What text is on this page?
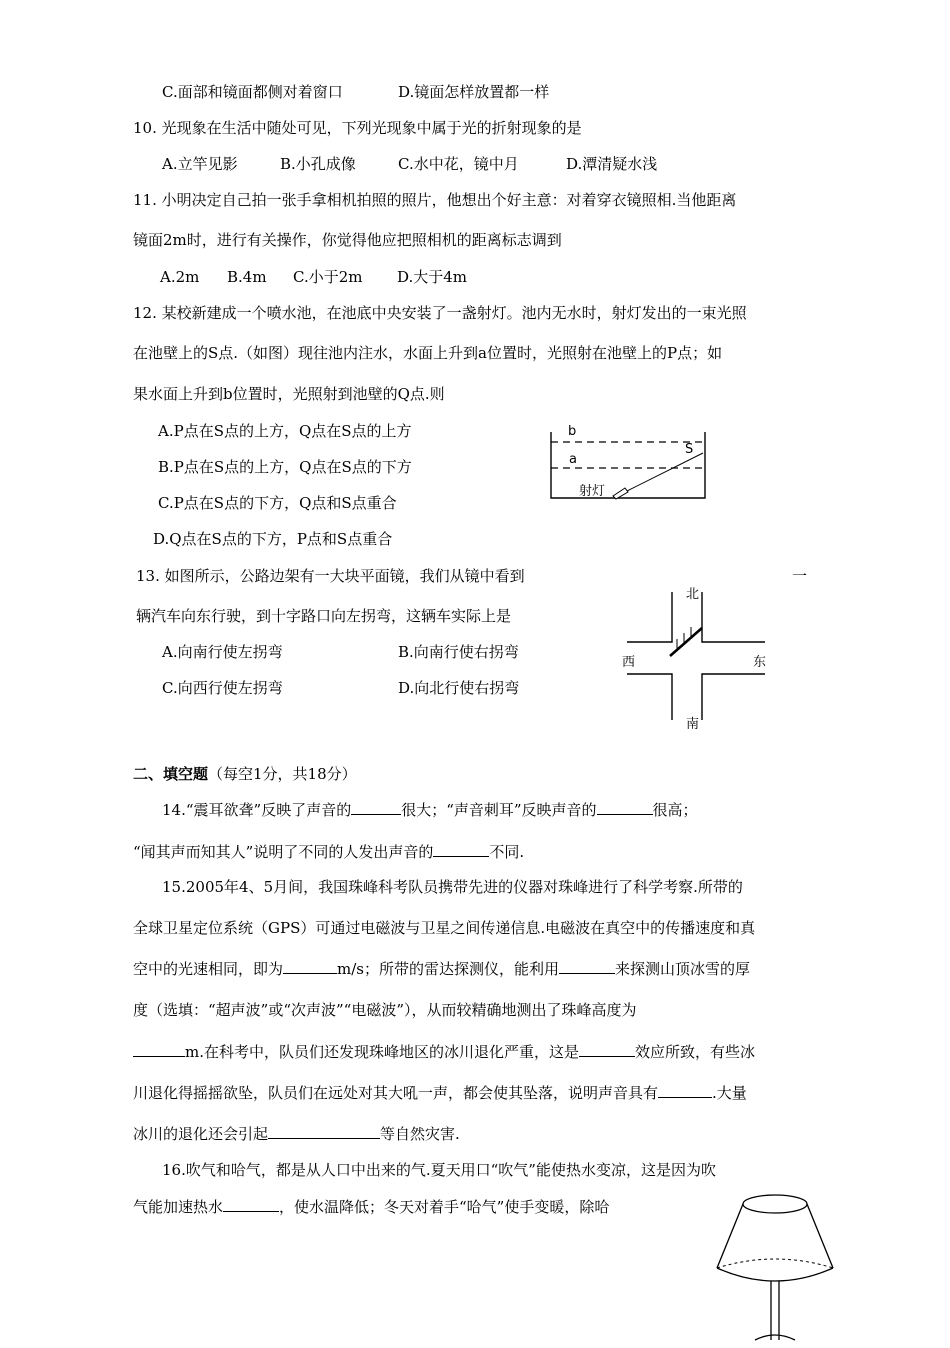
C.面部和镜面都侧对着窗口	D.镜面怎样放置都一样
10. 光现象在生活中随处可见，下列光现象中属于光的折射现象的是
A.立竿见影	B.小孔成像	C.水中花，镜中月	D.潭清疑水浅
11. 小明决定自己拍一张手拿相机拍照的照片，他想出个好主意：对着穿衣镜照相.当他距离
镜面2m时，进行有关操作，你觉得他应把照相机的距离标志调到
A.2m B.4m C.小于2m D.大于4m
12. 某校新建成一个喷水池，在池底中央安装了一盏射灯。池内无水时，射灯发出的一束光照
在池壁上的S点.（如图）现往池内注水，水面上升到a位置时，光照射在池壁上的P点；如
果水面上升到b位置时，光照射到池壁的Q点.则
A.P点在S点的上方，Q点在S点的上方
B.P点在S点的上方，Q点在S点的下方
C.P点在S点的下方，Q点和S点重合
D.Q点在S点的下方，P点和S点重合
b
a
S
射灯
13. 如图所示，公路边架有一大块平面镜，我们从镜中看到	一
辆汽车向东行驶，到十字路口向左拐弯，这辆车实际上是
A.向南行使左拐弯	B.向南行使右拐弯
C.向西行使左拐弯	D.向北行使右拐弯
北
南
西	东
二、填空题（每空1分，共18分）
14.“震耳欲聋”反映了声音的	很大；“声音刺耳”反映声音的	很高；
“闻其声而知其人”说明了不同的人发出声音的	不同.
15.2005年4、5月间，我国珠峰科考队员携带先进的仪器对珠峰进行了科学考察.所带的
全球卫星定位系统（GPS）可通过电磁波与卫星之间传递信息.电磁波在真空中的传播速度和真
空中的光速相同，即为	m/s；所带的雷达探测仪，能利用	来探测山顶冰雪的厚
度（选填：“超声波”或“次声波”“电磁波”），从而较精确地测出了珠峰高度为
m.在科考中，队员们还发现珠峰地区的冰川退化严重，这是	效应所致，有些冰
川退化得摇摇欲坠，队员们在远处对其大吼一声，都会使其坠落，说明声音具有	.大量
冰川的退化还会引起	等自然灾害.
16.吹气和哈气，都是从人口中出来的气.夏天用口“吹气”能使热水变凉，这是因为吹
气能加速热水	，使水温降低；冬天对着手“哈气”使手变暖，除哈
